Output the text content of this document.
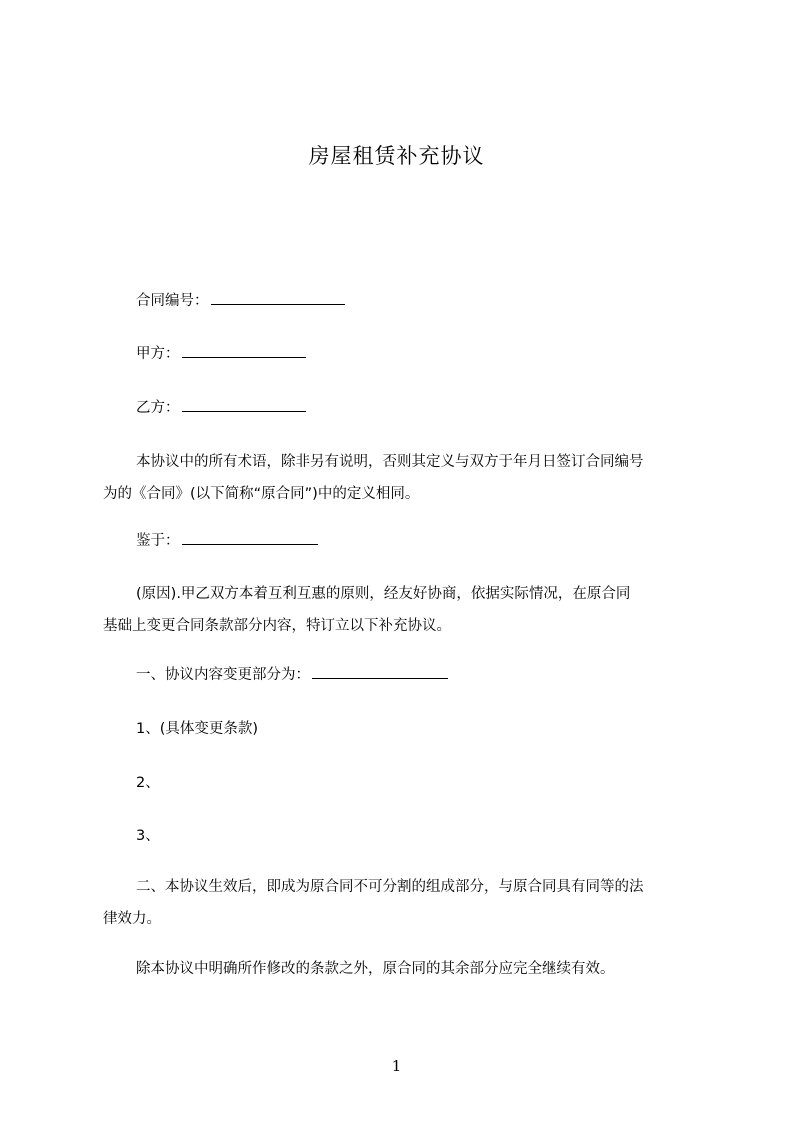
房屋租赁补充协议
合同编号：
甲方：
乙方：
本协议中的所有术语，除非另有说明，否则其定义与双方于年月日签订合同编号
为的《合同》(以下简称“原合同”)中的定义相同。
鉴于：
(原因).甲乙双方本着互利互惠的原则，经友好协商，依据实际情况，在原合同
基础上变更合同条款部分内容，特订立以下补充协议。
一、协议内容变更部分为：
1、(具体变更条款)
2、
3、
二、本协议生效后，即成为原合同不可分割的组成部分，与原合同具有同等的法
律效力。
除本协议中明确所作修改的条款之外，原合同的其余部分应完全继续有效。
1
